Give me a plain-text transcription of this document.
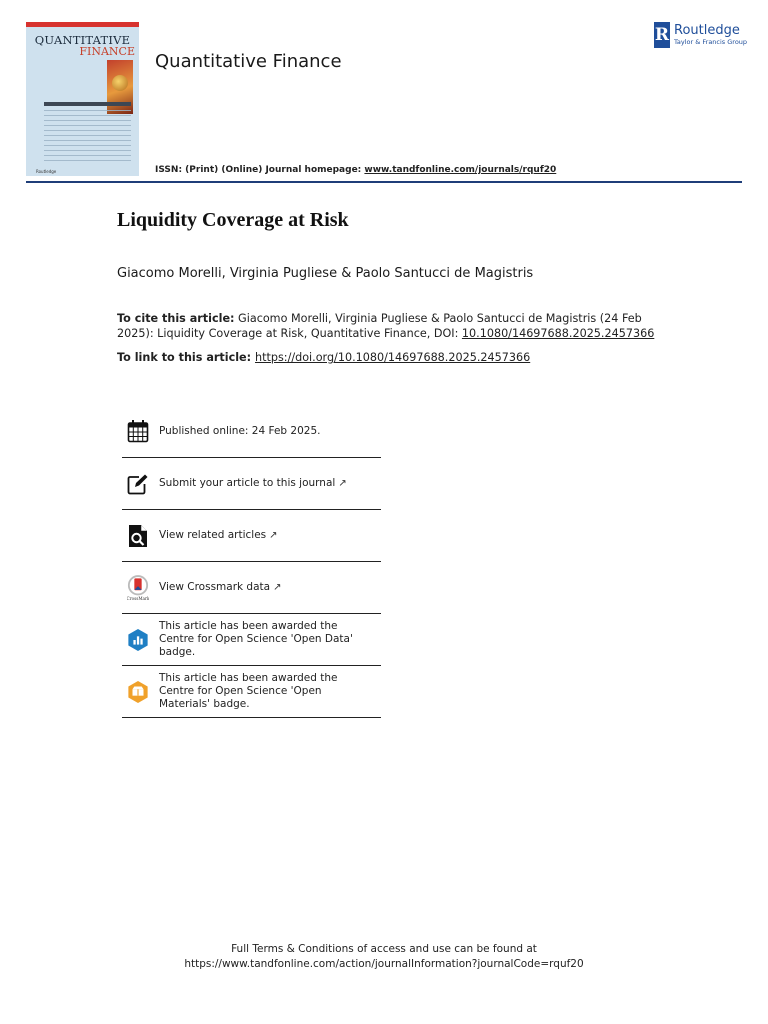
QUANTITATIVE
FINANCE
Routledge
Quantitative Finance
R Routledge
Taylor & Francis Group
ISSN: (Print) (Online) Journal homepage: www.tandfonline.com/journals/rquf20
Liquidity Coverage at Risk
Giacomo Morelli, Virginia Pugliese & Paolo Santucci de Magistris
To cite this article: Giacomo Morelli, Virginia Pugliese & Paolo Santucci de Magistris (24 Feb 2025): Liquidity Coverage at Risk, Quantitative Finance, DOI: 10.1080/14697688.2025.2457366
To link to this article: https://doi.org/10.1080/14697688.2025.2457366
Published online: 24 Feb 2025.
Submit your article to this journal ↗
View related articles ↗
CrossMark
View Crossmark data ↗
This article has been awarded the Centre for Open Science 'Open Data' badge.
This article has been awarded the Centre for Open Science 'Open Materials' badge.
Full Terms & Conditions of access and use can be found at
https://www.tandfonline.com/action/journalInformation?journalCode=rquf20
